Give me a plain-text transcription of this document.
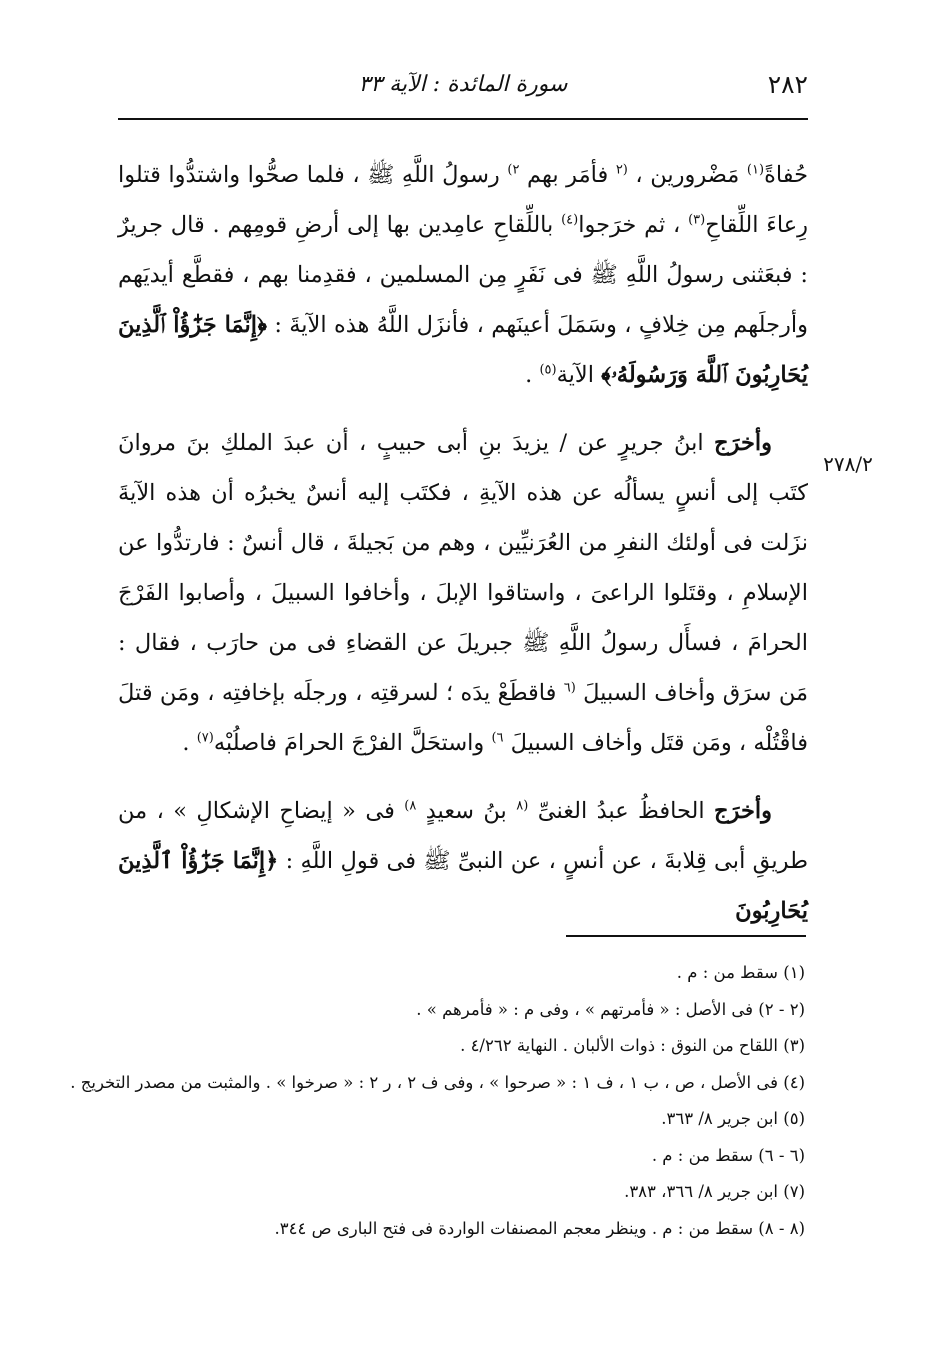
٢٨٢
سورة المائدة : الآية ٣٣
٢٧٨/٢

حُفاةً$^{(١)}$ مَضْرورين ، $^{(٢}$ فأمَر بهم $^{٢)}$ رسولُ اللَّهِ ﷺ ، فلما صحُّوا واشتدُّوا قتلوا رِعاءَ اللِّقاحِ$^{(٣)}$ ، ثم خرَجوا$^{(٤)}$ باللِّقاحِ عامِدين بها إلى أرضِ قومِهم . قال جريرٌ : فبعَثنى رسولُ اللَّهِ ﷺ فى نَفَرٍ مِن المسلمين ، فقدِمنا بهم ، فقطَّع أيديَهم وأرجلَهم مِن خِلافٍ ، وسَمَلَ أعينَهم ، فأنزَل اللَّهُ هذه الآيةَ : ﴿إِنَّمَا جَزَٰٓؤُاْ ٱلَّذِينَ يُحَارِبُونَ ٱللَّهَ وَرَسُولَهُۥ﴾ الآية$^{(٥)}$ .

وأخرَج ابنُ جريرٍ عن / يزيدَ بنِ أبى حبيبٍ ، أن عبدَ الملكِ بنَ مروانَ كتَب إلى أنسٍ يسألُه عن هذه الآيةِ ، فكتَب إليه أنسٌ يخبرُه أن هذه الآيةَ نزَلت فى أولئك النفرِ من العُرَنيِّين ، وهم من بَجيلةَ ، قال أنسٌ : فارتدُّوا عن الإسلامِ ، وقتَلوا الراعىَ ، واستاقوا الإبلَ ، وأخافوا السبيلَ ، وأصابوا الفَرْجَ الحرامَ ، فسأَل رسولُ اللَّهِ ﷺ جبريلَ عن القضاءِ فى من حارَب ، فقال : مَن سرَق وأخاف السبيلَ $^{(٦}$ فاقطَعْ يدَه ؛ لسرقتِه ، ورجلَه بإخافتِه ، ومَن قتلَ فاقْتُلْه ، ومَن قتَل وأخاف السبيلَ $^{٦)}$ واستحَلَّ الفرْجَ الحرامَ فاصلُبْه$^{(٧)}$ .

وأخرَج الحافظُ عبدُ الغنىِّ $^{(٨}$ بنُ سعيدٍ $^{٨)}$ فى « إيضاحِ الإشكالِ » ، من طريقِ أبى قِلابةَ ، عن أنسٍ ، عن النبىِّ ﷺ فى قولِ اللَّهِ : ﴿إِنَّمَا جَزَٰٓؤُاْ ٱلَّذِينَ يُحَارِبُونَ

(١) سقط من : م .
(٢ - ٢) فى الأصل : « فأمرتهم » ، وفى م : « فأمرهم » .
(٣) اللقاح من النوق : ذوات الألبان . النهاية ٤/٢٦٢ .
(٤) فى الأصل ، ص ، ب ١ ، ف ١ : « صرحوا » ، وفى ف ٢ ، ر ٢ : « صرخوا » . والمثبت من مصدر التخريج .
(٥) ابن جرير ٨/ ٣٦٣.
(٦ - ٦) سقط من : م .
(٧) ابن جرير ٨/ ٣٦٦، ٣٨٣.
(٨ - ٨) سقط من : م . وينظر معجم المصنفات الواردة فى فتح البارى ص ٣٤٤.
